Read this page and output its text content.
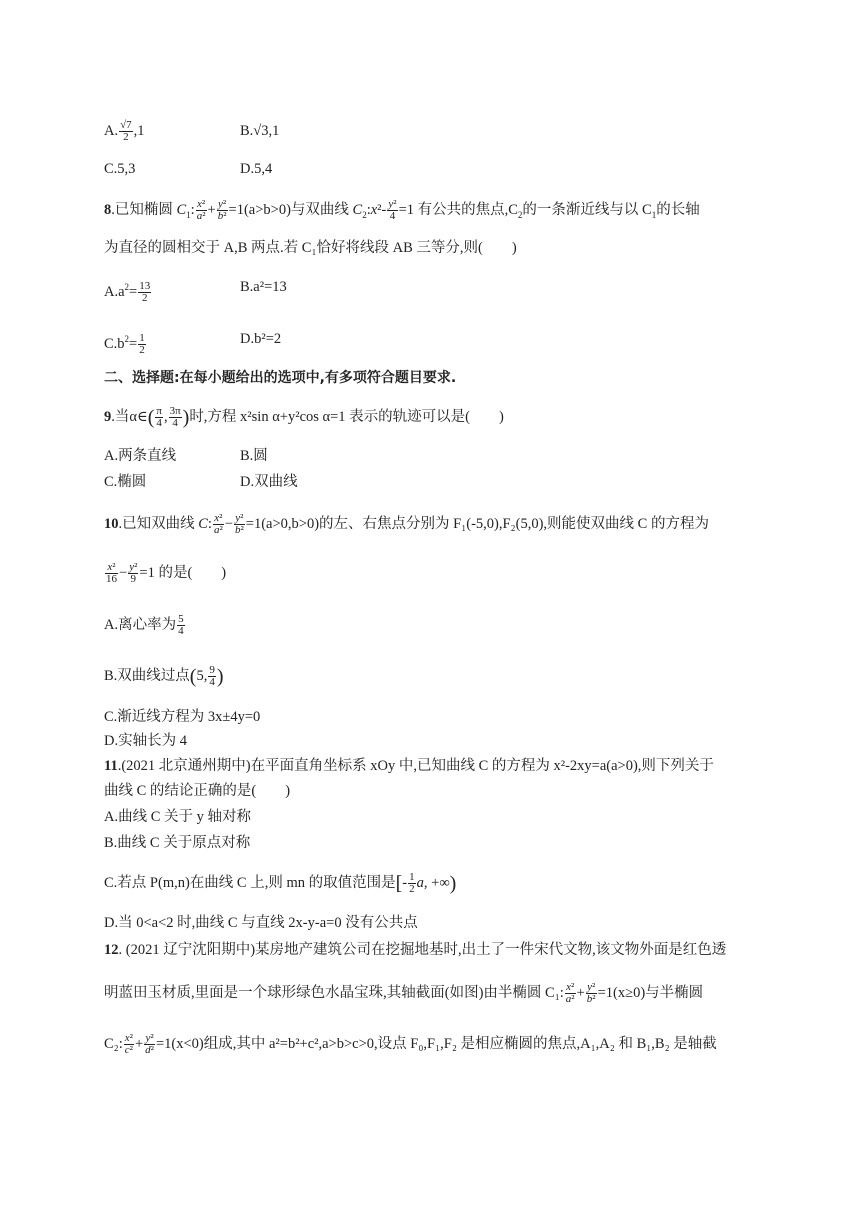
A. $\frac{√7}{2} ,1$	B.√3,1
C.5,3	D.5,4
8.已知椭圆 $C_1$: $\frac{\text{x²}}{\text{a²}} + \frac{\text{y²}}{\text{b²}} =1(a>b>0)$与双曲线 $C_2:x^2- \frac{\text{y²}}{4} =1$ 有公共的焦点$,C_2$的一条渐近线与以 $C_1$的长轴
为直径的圆相交于 A,B 两点.若 C₁恰好将线段 AB 三等分,则(　　)
$A.a^2= \frac{13}{2}$	B.a²=13
$C.b^2= \frac{1}{2}$	D.b²=2
二、选择题:在每小题给出的选项中,有多项符合题目要求.
9.当α∈( $\frac{\pi}{4}$ , $\frac{3\pi}{4}$ )时,方程 x²sin α+y²cos α=1 表示的轨迹可以是(　　)
A.两条直线	B.圆
C.椭圆	D.双曲线
10.已知双曲线 C: $\frac{\text{x²}}{\text{a²}} - \frac{\text{y²}}{\text{b²}} =1(a>0,b>0)$的左、右焦点分别为 F₁(-5,0),F₂(5,0),则能使双曲线 C 的方程为
$\frac{\text{x²}}{16} - \frac{\text{y²}}{9} =1$ 的是(　　)
A.离心率为 $\frac{5}{4}$
B.双曲线过点(5, $\frac{9}{4}$ )
C.渐近线方程为 3x±4y=0
D.实轴长为 4
11.(2021 北京通州期中)在平面直角坐标系 xOy 中,已知曲线 C 的方程为 x²-2xy=a(a>0),则下列关于
曲线 C 的结论正确的是(　　)
A.曲线 C 关于 y 轴对称
B.曲线 C 关于原点对称
C.若点 P(m,n)在曲线 C 上,则 mn 的取值范围是[- $\frac{1}{2} a$, +∞)
D.当 0<a<2 时,曲线 C 与直线 2x-y-a=0 没有公共点
12. (2021 辽宁沈阳期中)某房地产建筑公司在挖掘地基时,出土了一件宋代文物,该文物外面是红色透
明蓝田玉材质,里面是一个球形绿色水晶宝珠,其轴截面(如图)由半椭圆 C₁: $\frac{\text{x²}}{\text{a²}} + \frac{\text{y²}}{\text{b²}} =1(x\ge 0)$与半椭圆
C₂: $\frac{\text{x²}}{\text{c²}} + \frac{\text{y²}}{\text{d²}} =1(x<0)$组成,其中 a²=b²+c²,a>b>c>0,设点 F₀,F₁,F₂ 是相应椭圆的焦点,A₁,A₂ 和 B₁,B₂ 是轴截
